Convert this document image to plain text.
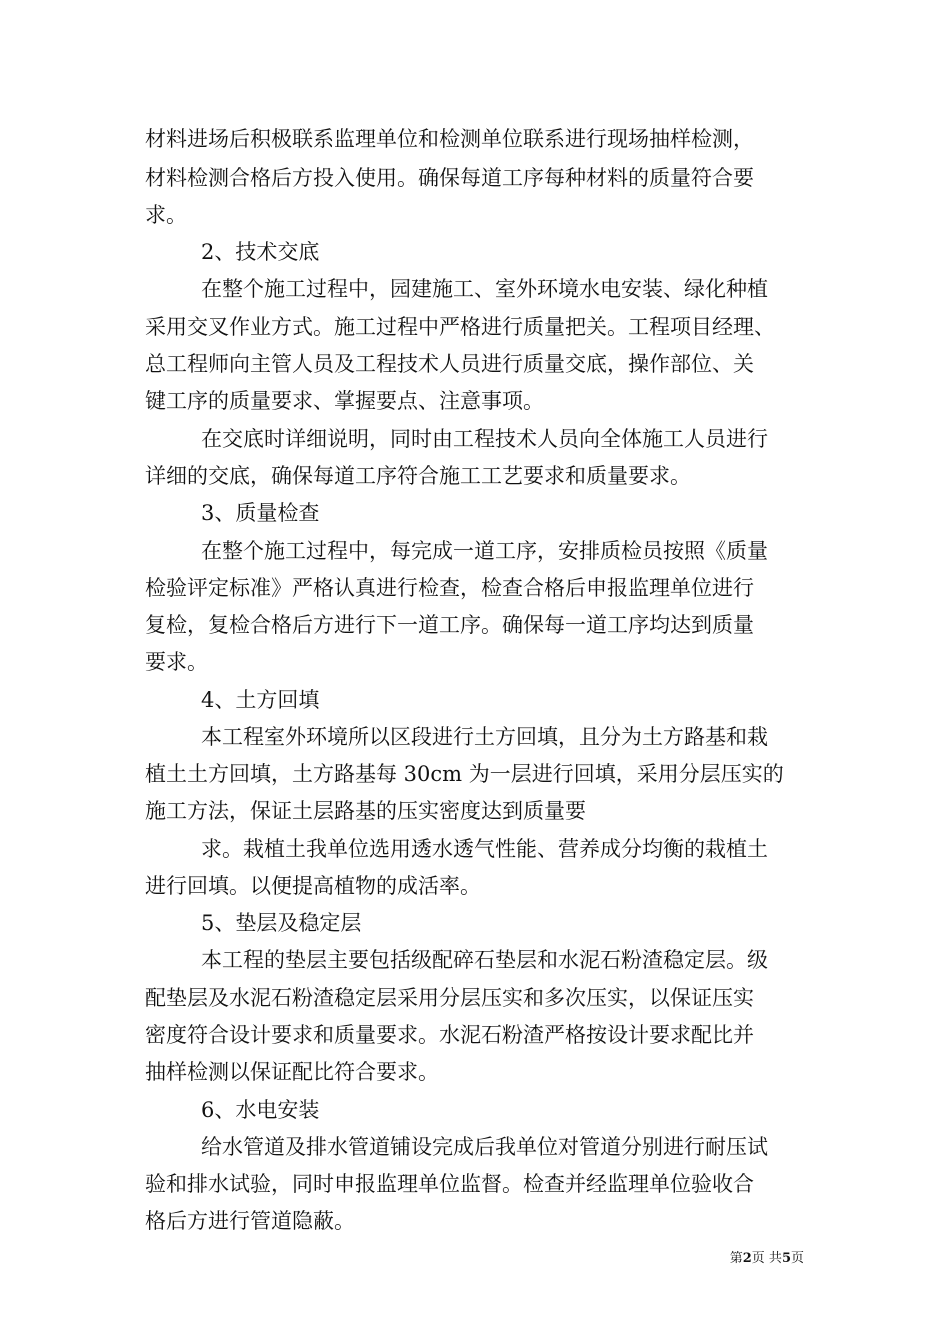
材料进场后积极联系监理单位和检测单位联系进行现场抽样检测，
材料检测合格后方投入使用。确保每道工序每种材料的质量符合要
求。
2、技术交底
在整个施工过程中，园建施工、室外环境水电安装、绿化种植
采用交叉作业方式。施工过程中严格进行质量把关。工程项目经理、
总工程师向主管人员及工程技术人员进行质量交底，操作部位、关
键工序的质量要求、掌握要点、注意事项。
在交底时详细说明，同时由工程技术人员向全体施工人员进行
详细的交底，确保每道工序符合施工工艺要求和质量要求。
3、质量检查
在整个施工过程中，每完成一道工序，安排质检员按照《质量
检验评定标准》严格认真进行检查，检查合格后申报监理单位进行
复检，复检合格后方进行下一道工序。确保每一道工序均达到质量
要求。
4、土方回填
本工程室外环境所以区段进行土方回填，且分为土方路基和栽
植土土方回填，土方路基每 30cm 为一层进行回填，采用分层压实的
施工方法，保证土层路基的压实密度达到质量要
求。栽植土我单位选用透水透气性能、营养成分均衡的栽植土
进行回填。以便提高植物的成活率。
5、垫层及稳定层
本工程的垫层主要包括级配碎石垫层和水泥石粉渣稳定层。级
配垫层及水泥石粉渣稳定层采用分层压实和多次压实，以保证压实
密度符合设计要求和质量要求。水泥石粉渣严格按设计要求配比并
抽样检测以保证配比符合要求。
6、水电安装
给水管道及排水管道铺设完成后我单位对管道分别进行耐压试
验和排水试验，同时申报监理单位监督。检查并经监理单位验收合
格后方进行管道隐蔽。
第2页 共5页
